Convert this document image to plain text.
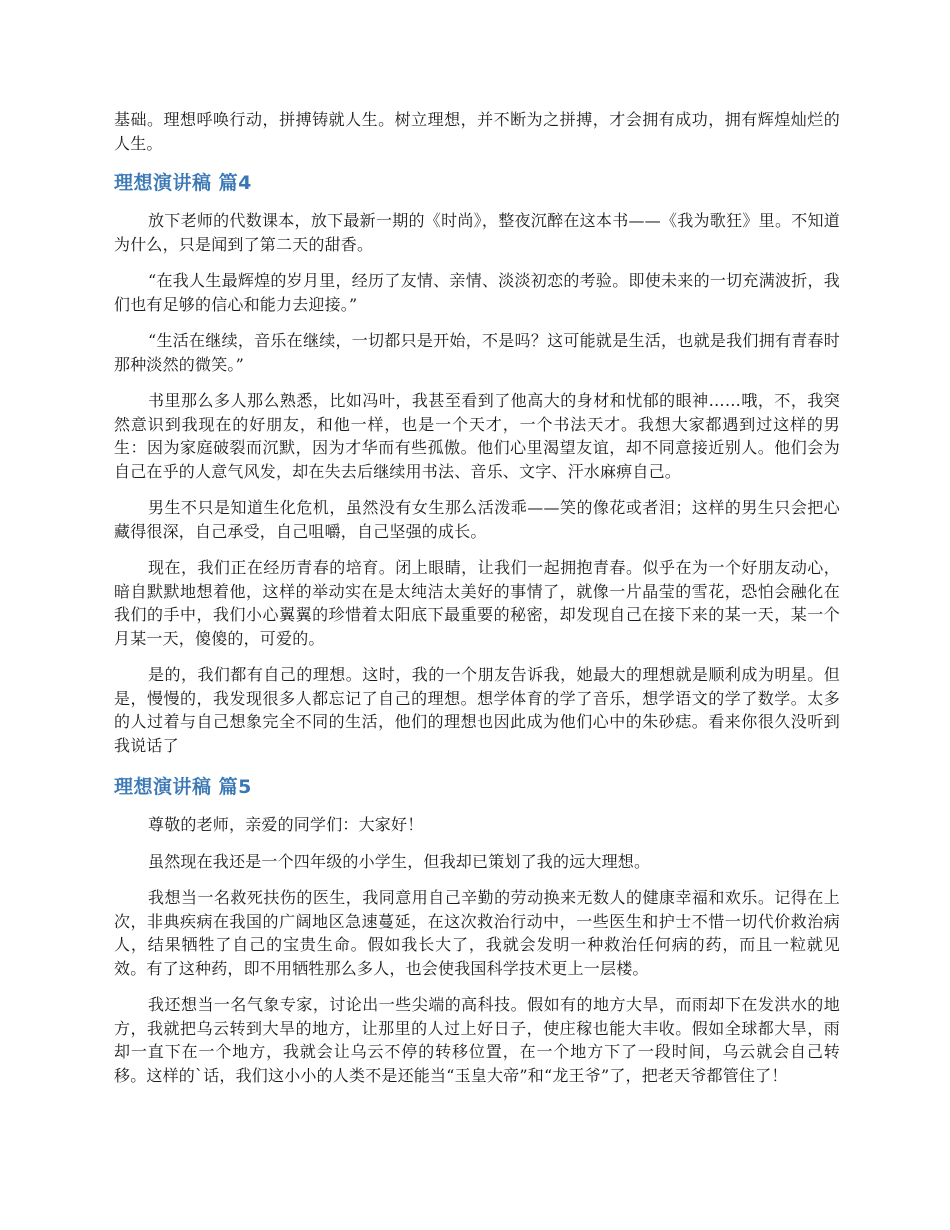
基础。理想呼唤行动，拼搏铸就人生。树立理想，并不断为之拼搏，才会拥有成功，拥有辉煌灿烂的人生。

理想演讲稿 篇4

放下老师的代数课本，放下最新一期的《时尚》，整夜沉醉在这本书——《我为歌狂》里。不知道为什么，只是闻到了第二天的甜香。

“在我人生最辉煌的岁月里，经历了友情、亲情、淡淡初恋的考验。即使未来的一切充满波折，我们也有足够的信心和能力去迎接。”

“生活在继续，音乐在继续，一切都只是开始，不是吗？这可能就是生活，也就是我们拥有青春时那种淡然的微笑。”

书里那么多人那么熟悉，比如冯叶，我甚至看到了他高大的身材和忧郁的眼神……哦，不，我突然意识到我现在的好朋友，和他一样，也是一个天才，一个书法天才。我想大家都遇到过这样的男生：因为家庭破裂而沉默，因为才华而有些孤傲。他们心里渴望友谊，却不同意接近别人。他们会为自己在乎的人意气风发，却在失去后继续用书法、音乐、文字、汗水麻痹自己。

男生不只是知道生化危机，虽然没有女生那么活泼乖——笑的像花或者泪；这样的男生只会把心藏得很深，自己承受，自己咀嚼，自己坚强的成长。

现在，我们正在经历青春的培育。闭上眼睛，让我们一起拥抱青春。似乎在为一个好朋友动心，暗自默默地想着他，这样的举动实在是太纯洁太美好的事情了，就像一片晶莹的雪花，恐怕会融化在我们的手中，我们小心翼翼的珍惜着太阳底下最重要的秘密，却发现自己在接下来的某一天，某一个月某一天，傻傻的，可爱的。

是的，我们都有自己的理想。这时，我的一个朋友告诉我，她最大的理想就是顺利成为明星。但是，慢慢的，我发现很多人都忘记了自己的理想。想学体育的学了音乐，想学语文的学了数学。太多的人过着与自己想象完全不同的生活，他们的理想也因此成为他们心中的朱砂痣。看来你很久没听到我说话了

理想演讲稿 篇5

尊敬的老师，亲爱的同学们：大家好！

虽然现在我还是一个四年级的小学生，但我却已策划了我的远大理想。

我想当一名救死扶伤的医生，我同意用自己辛勤的劳动换来无数人的健康幸福和欢乐。记得在上次，非典疾病在我国的广阔地区急速蔓延，在这次救治行动中，一些医生和护士不惜一切代价救治病人，结果牺牲了自己的宝贵生命。假如我长大了，我就会发明一种救治任何病的药，而且一粒就见效。有了这种药，即不用牺牲那么多人，也会使我国科学技术更上一层楼。

我还想当一名气象专家，讨论出一些尖端的高科技。假如有的地方大旱，而雨却下在发洪水的地方，我就把乌云转到大旱的地方，让那里的人过上好日子，使庄稼也能大丰收。假如全球都大旱，雨却一直下在一个地方，我就会让乌云不停的转移位置，在一个地方下了一段时间，乌云就会自己转移。这样的`话，我们这小小的人类不是还能当“玉皇大帝”和“龙王爷”了，把老天爷都管住了！
